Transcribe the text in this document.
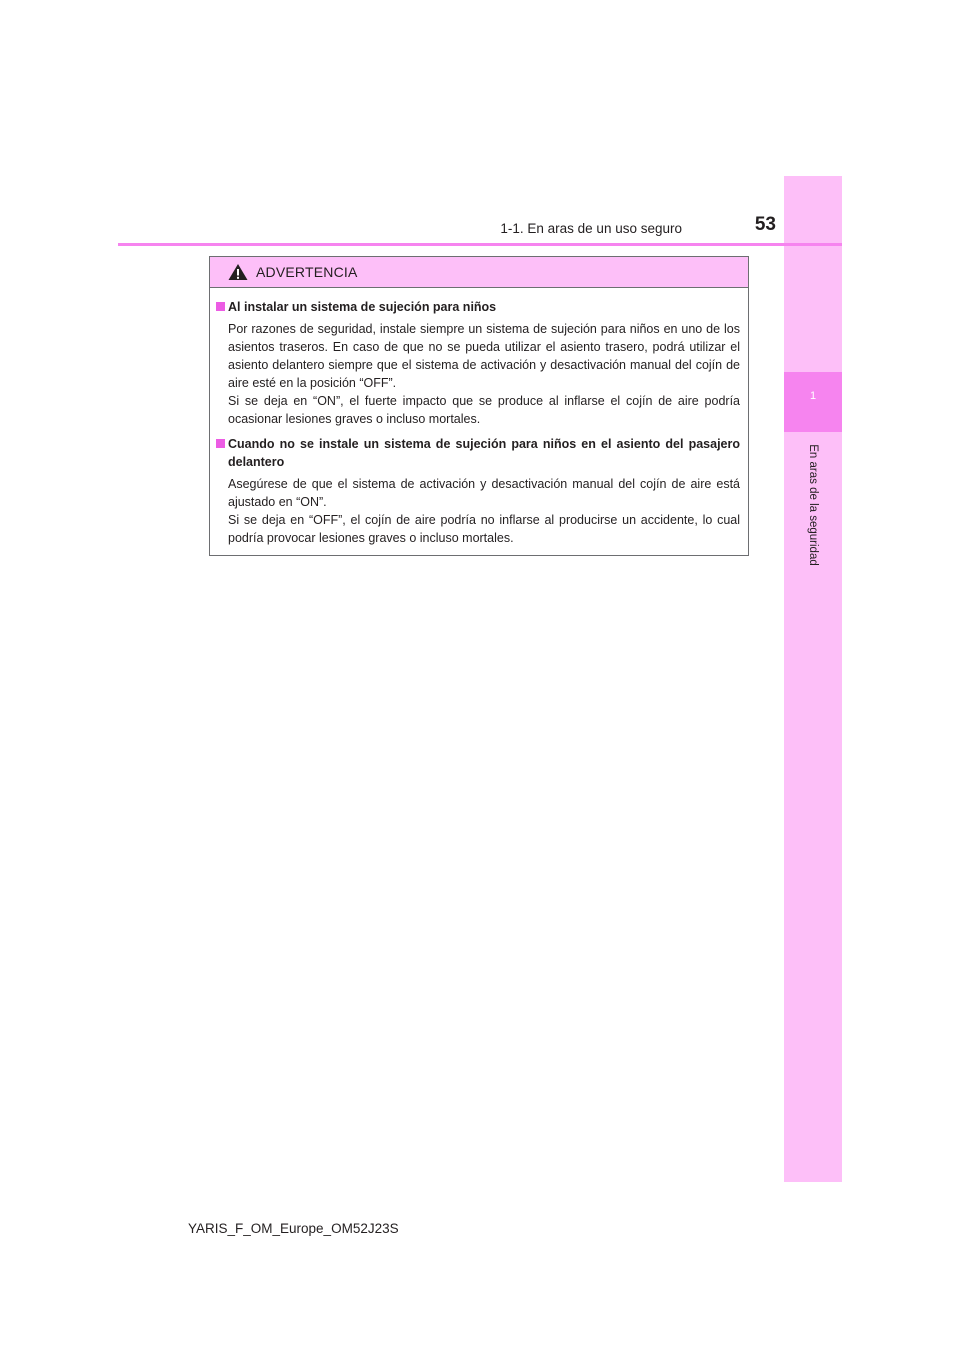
1
En aras de la seguridad
1-1. En aras de un uso seguro	53
ADVERTENCIA
Al instalar un sistema de sujeción para niños

Por razones de seguridad, instale siempre un sistema de sujeción para niños en uno de los asientos traseros. En caso de que no se pueda utilizar el asiento trasero, podrá utilizar el asiento delantero siempre que el sistema de activación y desactivación manual del cojín de aire esté en la posición “OFF”.

Si se deja en “ON”, el fuerte impacto que se produce al inflarse el cojín de aire podría ocasionar lesiones graves o incluso mortales.

Cuando no se instale un sistema de sujeción para niños en el asiento del pasajero delantero

Asegúrese de que el sistema de activación y desactivación manual del cojín de aire está ajustado en “ON”.

Si se deja en “OFF”, el cojín de aire podría no inflarse al producirse un accidente, lo cual podría provocar lesiones graves o incluso mortales.

YARIS_F_OM_Europe_OM52J23S
